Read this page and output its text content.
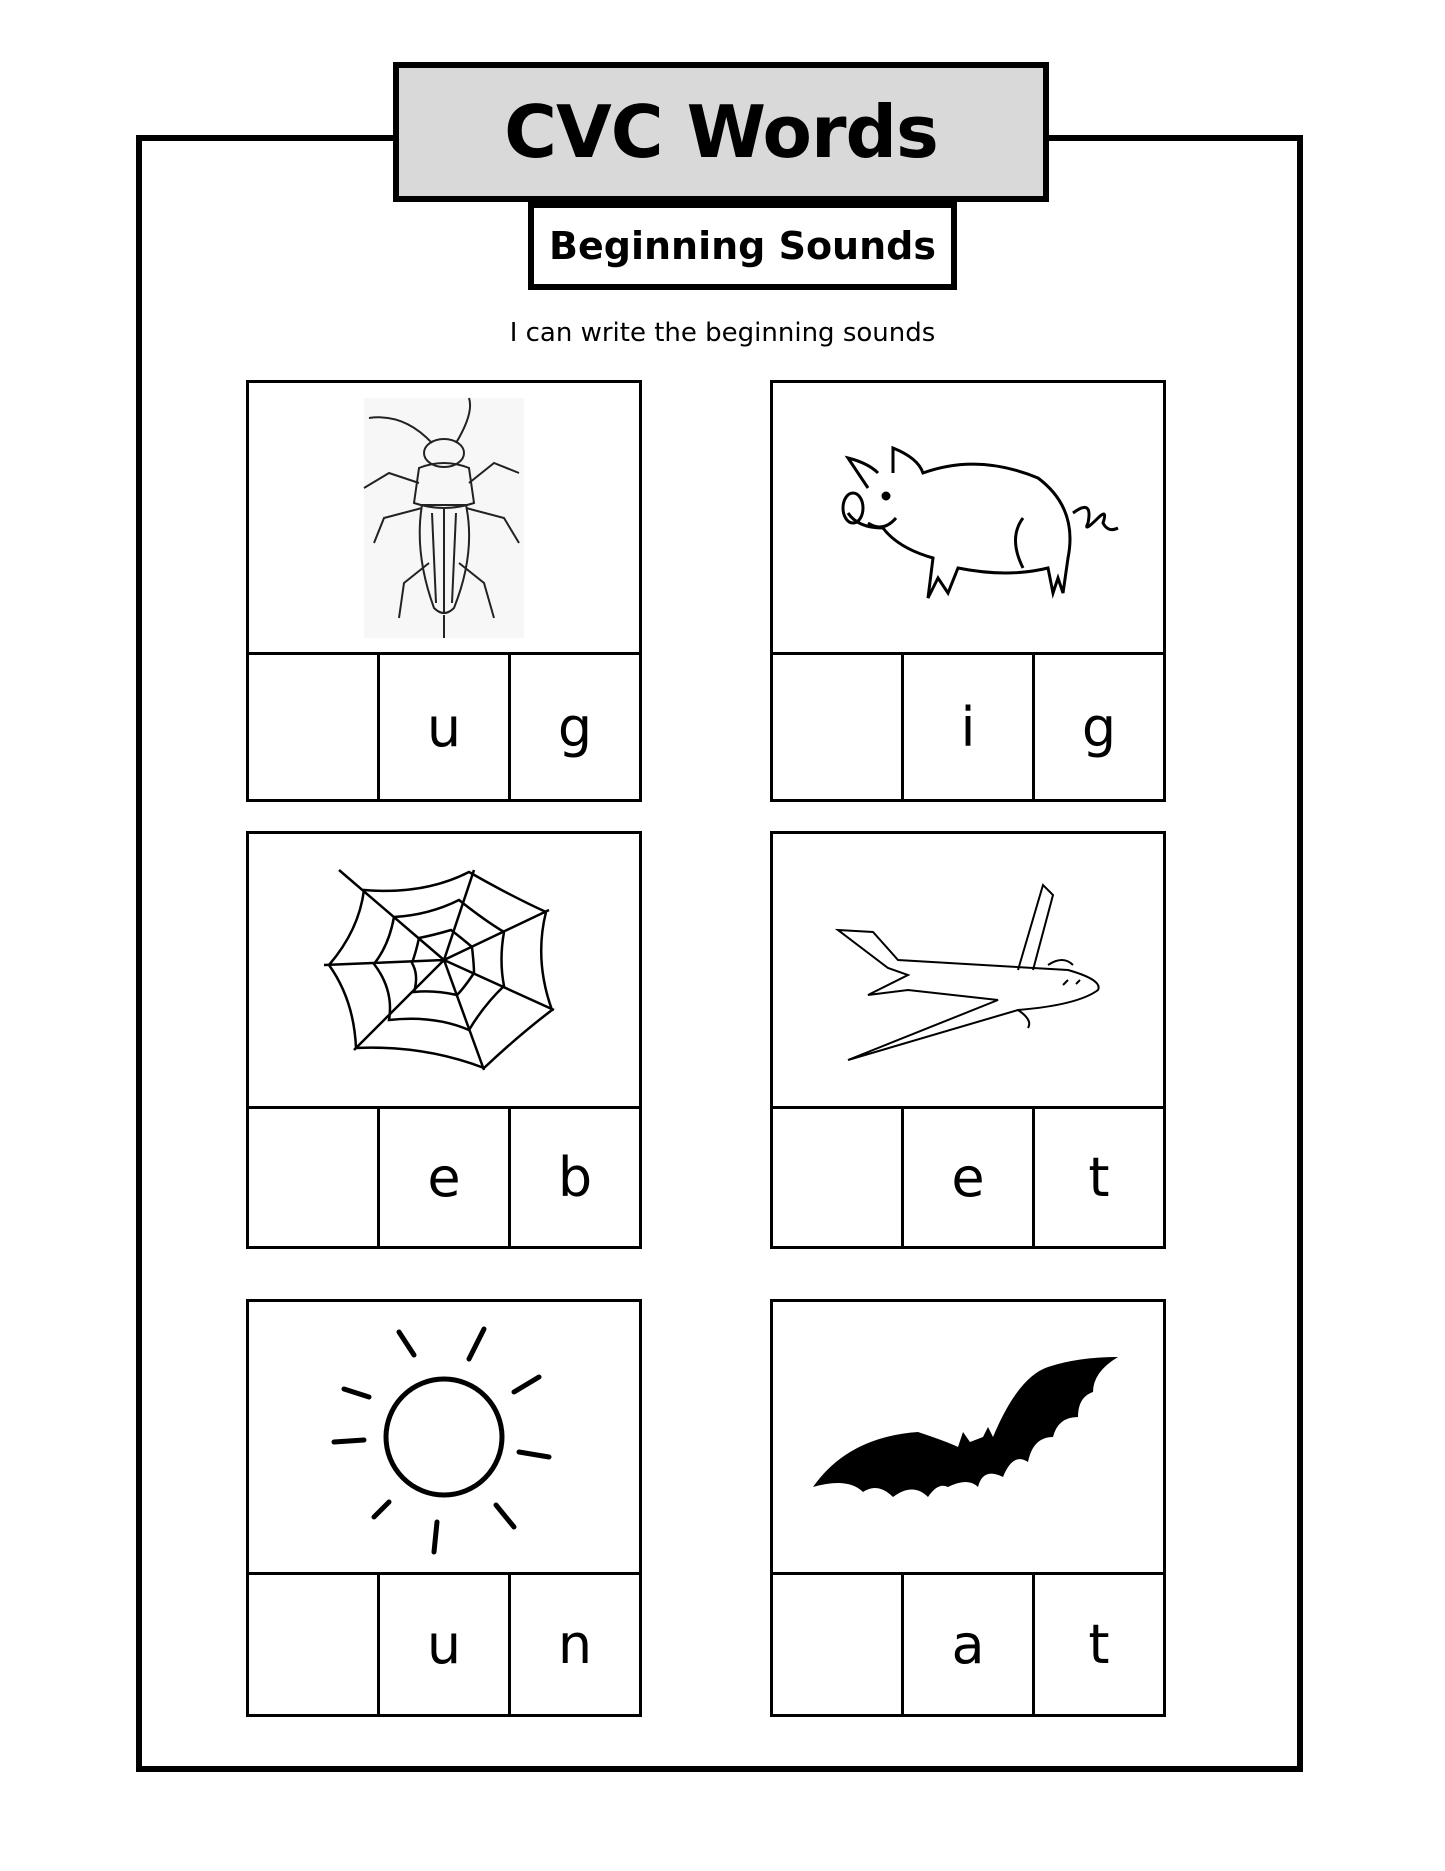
CVC Words
Beginning Sounds
I can write the beginning sounds
u	g	i	g
e	b	e	t
u	n	a	t
